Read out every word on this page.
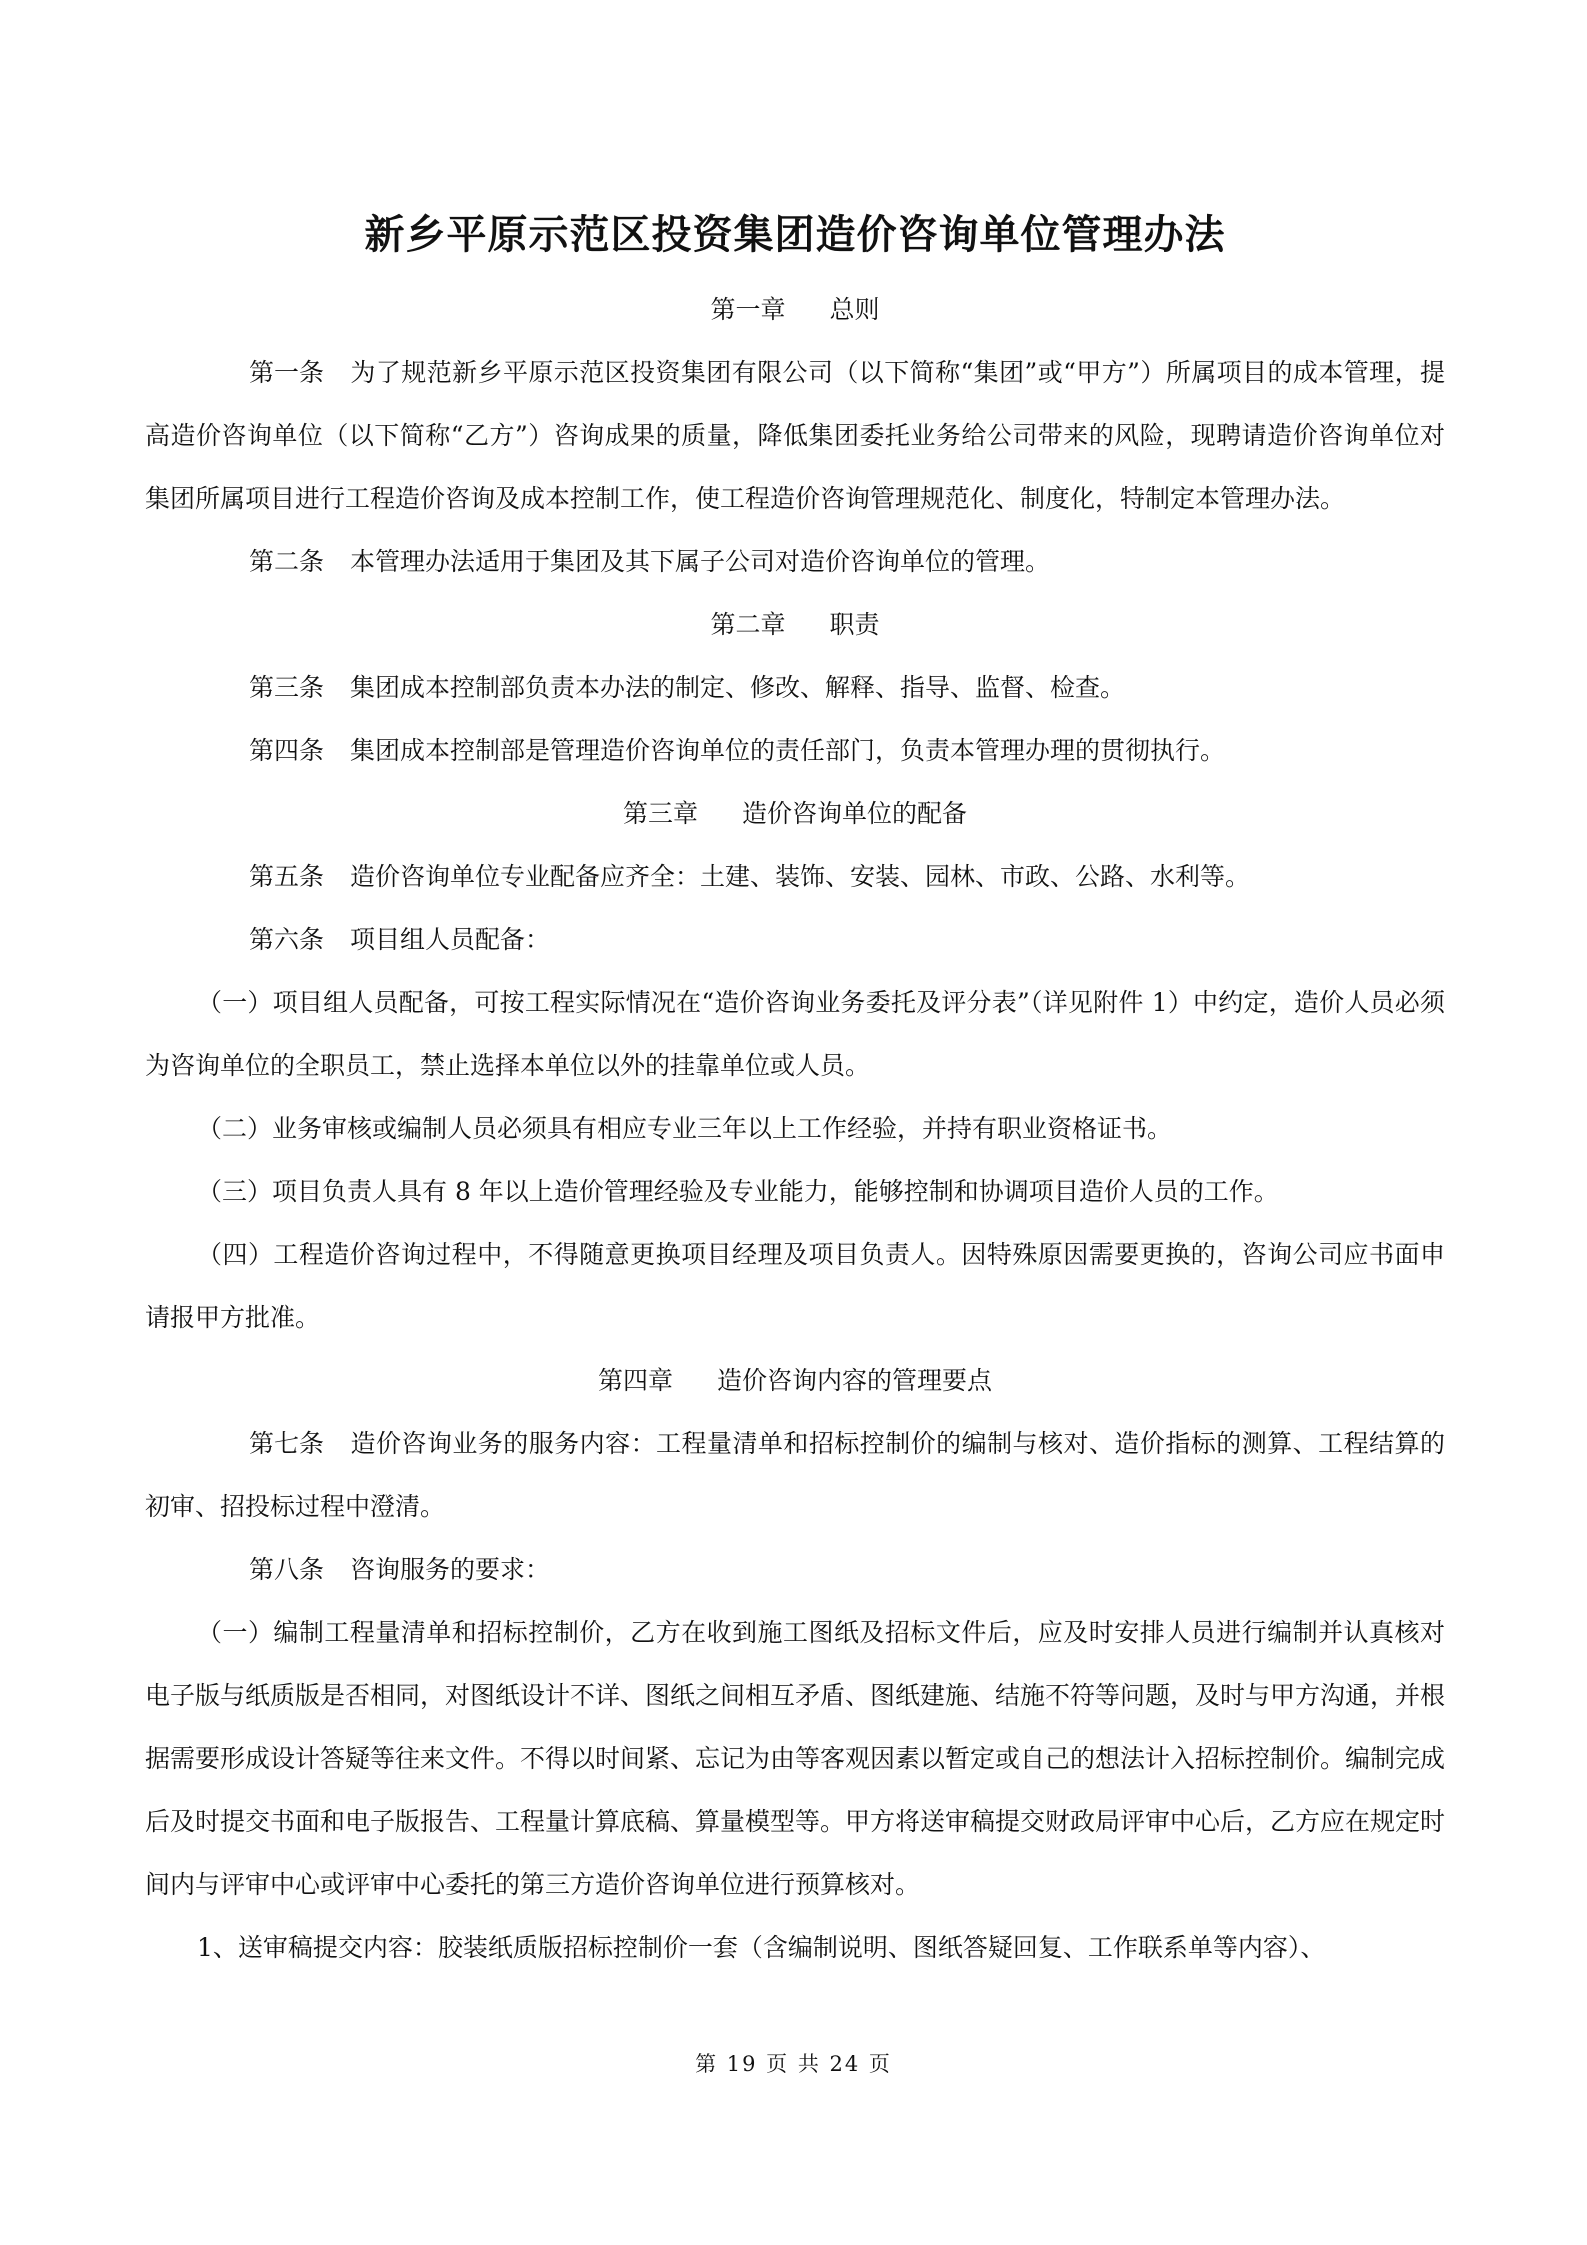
新乡平原示范区投资集团造价咨询单位管理办法
第一章 总则

第一条 为了规范新乡平原示范区投资集团有限公司（以下简称“集团”或“甲方”）所属项目的成本管理，提高造价咨询单位（以下简称“乙方”）咨询成果的质量，降低集团委托业务给公司带来的风险，现聘请造价咨询单位对集团所属项目进行工程造价咨询及成本控制工作，使工程造价咨询管理规范化、制度化，特制定本管理办法。

第二条 本管理办法适用于集团及其下属子公司对造价咨询单位的管理。

第二章 职责

第三条 集团成本控制部负责本办法的制定、修改、解释、指导、监督、检查。

第四条 集团成本控制部是管理造价咨询单位的责任部门，负责本管理办理的贯彻执行。

第三章 造价咨询单位的配备

第五条 造价咨询单位专业配备应齐全：土建、装饰、安装、园林、市政、公路、水利等。

第六条 项目组人员配备：

（一）项目组人员配备，可按工程实际情况在“造价咨询业务委托及评分表”（详见附件 1）中约定，造价人员必须为咨询单位的全职员工，禁止选择本单位以外的挂靠单位或人员。

（二）业务审核或编制人员必须具有相应专业三年以上工作经验，并持有职业资格证书。

（三）项目负责人具有 8 年以上造价管理经验及专业能力，能够控制和协调项目造价人员的工作。

（四）工程造价咨询过程中，不得随意更换项目经理及项目负责人。因特殊原因需要更换的，咨询公司应书面申请报甲方批准。

第四章 造价咨询内容的管理要点

第七条 造价咨询业务的服务内容：工程量清单和招标控制价的编制与核对、造价指标的测算、工程结算的初审、招投标过程中澄清。

第八条 咨询服务的要求：

（一）编制工程量清单和招标控制价，乙方在收到施工图纸及招标文件后，应及时安排人员进行编制并认真核对电子版与纸质版是否相同，对图纸设计不详、图纸之间相互矛盾、图纸建施、结施不符等问题，及时与甲方沟通，并根据需要形成设计答疑等往来文件。不得以时间紧、忘记为由等客观因素以暂定或自己的想法计入招标控制价。编制完成后及时提交书面和电子版报告、工程量计算底稿、算量模型等。甲方将送审稿提交财政局评审中心后，乙方应在规定时间内与评审中心或评审中心委托的第三方造价咨询单位进行预算核对。

1、送审稿提交内容：胶装纸质版招标控制价一套（含编制说明、图纸答疑回复、工作联系单等内容）、

第 19 页 共 24 页
